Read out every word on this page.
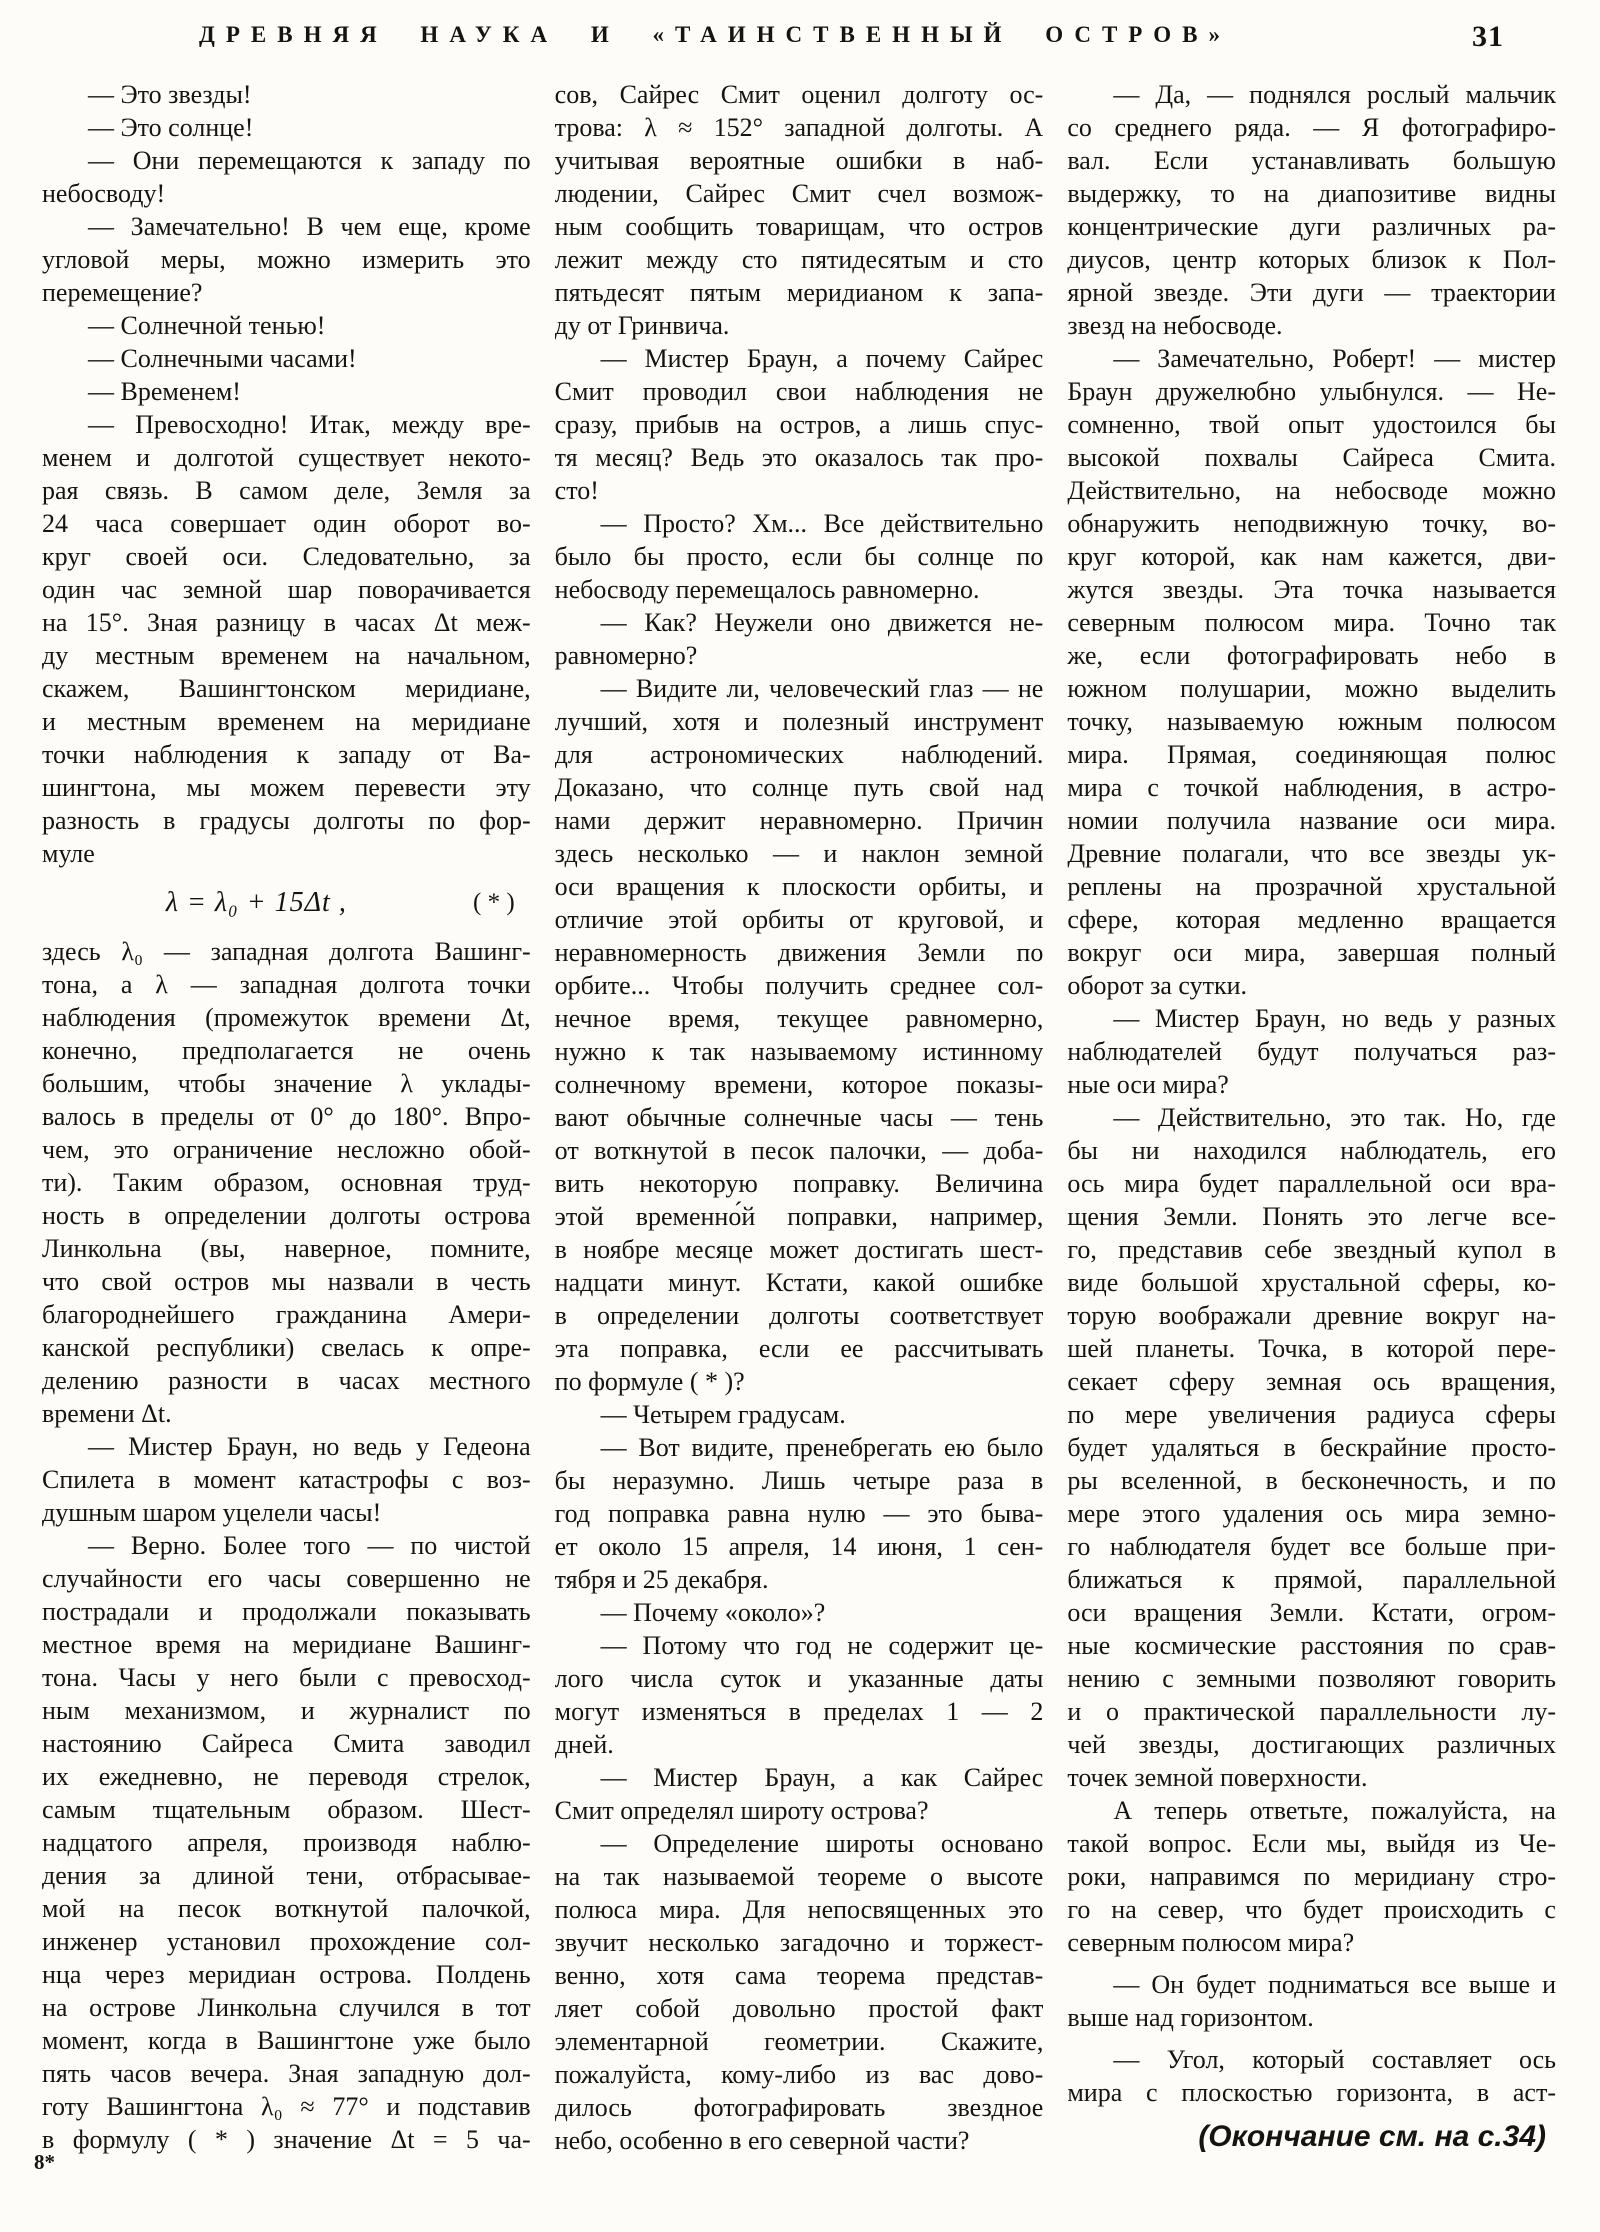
ДРЕВНЯЯ НАУКА И «ТАИНСТВЕННЫЙ ОСТРОВ»	31
— Это звезды!
— Это солнце!
— Они перемещаются к западу по
небосводу!
— Замечательно! В чем еще, кроме
угловой меры, можно измерить это
перемещение?
— Солнечной тенью!
— Солнечными часами!
— Временем!
— Превосходно! Итак, между вре-
менем и долготой существует некото-
рая связь. В самом деле, Земля за
24 часа совершает один оборот во-
круг своей оси. Следовательно, за
один час земной шар поворачивается
на 15°. Зная разницу в часах Δt меж-
ду местным временем на начальном,
скажем, Вашингтонском меридиане,
и местным временем на меридиане
точки наблюдения к западу от Ва-
шингтона, мы можем перевести эту
разность в градусы долготы по фор-
муле
λ = λ₀ + 15Δt ,	( * )
здесь λ₀ — западная долгота Вашинг-
тона, а λ — западная долгота точки
наблюдения (промежуток времени Δt,
конечно, предполагается не очень
большим, чтобы значение λ уклады-
валось в пределы от 0° до 180°. Впро-
чем, это ограничение несложно обой-
ти). Таким образом, основная труд-
ность в определении долготы острова
Линкольна (вы, наверное, помните,
что свой остров мы назвали в честь
благороднейшего гражданина Амери-
канской республики) свелась к опре-
делению разности в часах местного
времени Δt.
— Мистер Браун, но ведь у Гедеона
Спилета в момент катастрофы с воз-
душным шаром уцелели часы!
— Верно. Более того — по чистой
случайности его часы совершенно не
пострадали и продолжали показывать
местное время на меридиане Вашинг-
тона. Часы у него были с превосход-
ным механизмом, и журналист по
настоянию Сайреса Смита заводил
их ежедневно, не переводя стрелок,
самым тщательным образом. Шест-
надцатого апреля, производя наблю-
дения за длиной тени, отбрасывае-
мой на песок воткнутой палочкой,
инженер установил прохождение сол-
нца через меридиан острова. Полдень
на острове Линкольна случился в тот
момент, когда в Вашингтоне уже было
пять часов вечера. Зная западную дол-
готу Вашингтона λ₀ ≈ 77° и подставив
в формулу ( * ) значение Δt = 5 ча-
сов, Сайрес Смит оценил долготу ос-
трова: λ ≈ 152° западной долготы. А
учитывая вероятные ошибки в наб-
людении, Сайрес Смит счел возмож-
ным сообщить товарищам, что остров
лежит между сто пятидесятым и сто
пятьдесят пятым меридианом к запа-
ду от Гринвича.
— Мистер Браун, а почему Сайрес
Смит проводил свои наблюдения не
сразу, прибыв на остров, а лишь спус-
тя месяц? Ведь это оказалось так про-
сто!
— Просто? Хм... Все действительно
было бы просто, если бы солнце по
небосводу перемещалось равномерно.
— Как? Неужели оно движется не-
равномерно?
— Видите ли, человеческий глаз — не
лучший, хотя и полезный инструмент
для астрономических наблюдений.
Доказано, что солнце путь свой над
нами держит неравномерно. Причин
здесь несколько — и наклон земной
оси вращения к плоскости орбиты, и
отличие этой орбиты от круговой, и
неравномерность движения Земли по
орбите... Чтобы получить среднее сол-
нечное время, текущее равномерно,
нужно к так называемому истинному
солнечному времени, которое показы-
вают обычные солнечные часы — тень
от воткнутой в песок палочки, — доба-
вить некоторую поправку. Величина
этой временно́й поправки, например,
в ноябре месяце может достигать шест-
надцати минут. Кстати, какой ошибке
в определении долготы соответствует
эта поправка, если ее рассчитывать
по формуле ( * )?
— Четырем градусам.
— Вот видите, пренебрегать ею было
бы неразумно. Лишь четыре раза в
год поправка равна нулю — это быва-
ет около 15 апреля, 14 июня, 1 сен-
тября и 25 декабря.
— Почему «около»?
— Потому что год не содержит це-
лого числа суток и указанные даты
могут изменяться в пределах 1 — 2
дней.
— Мистер Браун, а как Сайрес
Смит определял широту острова?
— Определение широты основано
на так называемой теореме о высоте
полюса мира. Для непосвященных это
звучит несколько загадочно и торжест-
венно, хотя сама теорема представ-
ляет собой довольно простой факт
элементарной геометрии. Скажите,
пожалуйста, кому-либо из вас дово-
дилось фотографировать звездное
небо, особенно в его северной части?
— Да, — поднялся рослый мальчик
со среднего ряда. — Я фотографиро-
вал. Если устанавливать большую
выдержку, то на диапозитиве видны
концентрические дуги различных ра-
диусов, центр которых близок к Пол-
ярной звезде. Эти дуги — траектории
звезд на небосводе.
— Замечательно, Роберт! — мистер
Браун дружелюбно улыбнулся. — Не-
сомненно, твой опыт удостоился бы
высокой похвалы Сайреса Смита.
Действительно, на небосводе можно
обнаружить неподвижную точку, во-
круг которой, как нам кажется, дви-
жутся звезды. Эта точка называется
северным полюсом мира. Точно так
же, если фотографировать небо в
южном полушарии, можно выделить
точку, называемую южным полюсом
мира. Прямая, соединяющая полюс
мира с точкой наблюдения, в астро-
номии получила название оси мира.
Древние полагали, что все звезды ук-
реплены на прозрачной хрустальной
сфере, которая медленно вращается
вокруг оси мира, завершая полный
оборот за сутки.
— Мистер Браун, но ведь у разных
наблюдателей будут получаться раз-
ные оси мира?
— Действительно, это так. Но, где
бы ни находился наблюдатель, его
ось мира будет параллельной оси вра-
щения Земли. Понять это легче все-
го, представив себе звездный купол в
виде большой хрустальной сферы, ко-
торую воображали древние вокруг на-
шей планеты. Точка, в которой пере-
секает сферу земная ось вращения,
по мере увеличения радиуса сферы
будет удаляться в бескрайние просто-
ры вселенной, в бесконечность, и по
мере этого удаления ось мира земно-
го наблюдателя будет все больше при-
ближаться к прямой, параллельной
оси вращения Земли. Кстати, огром-
ные космические расстояния по срав-
нению с земными позволяют говорить
и о практической параллельности лу-
чей звезды, достигающих различных
точек земной поверхности.
А теперь ответьте, пожалуйста, на
такой вопрос. Если мы, выйдя из Че-
роки, направимся по меридиану стро-
го на север, что будет происходить с
северным полюсом мира?
— Он будет подниматься все выше и
выше над горизонтом.
— Угол, который составляет ось
мира с плоскостью горизонта, в аст-
8*
(Окончание см. на с.34)
